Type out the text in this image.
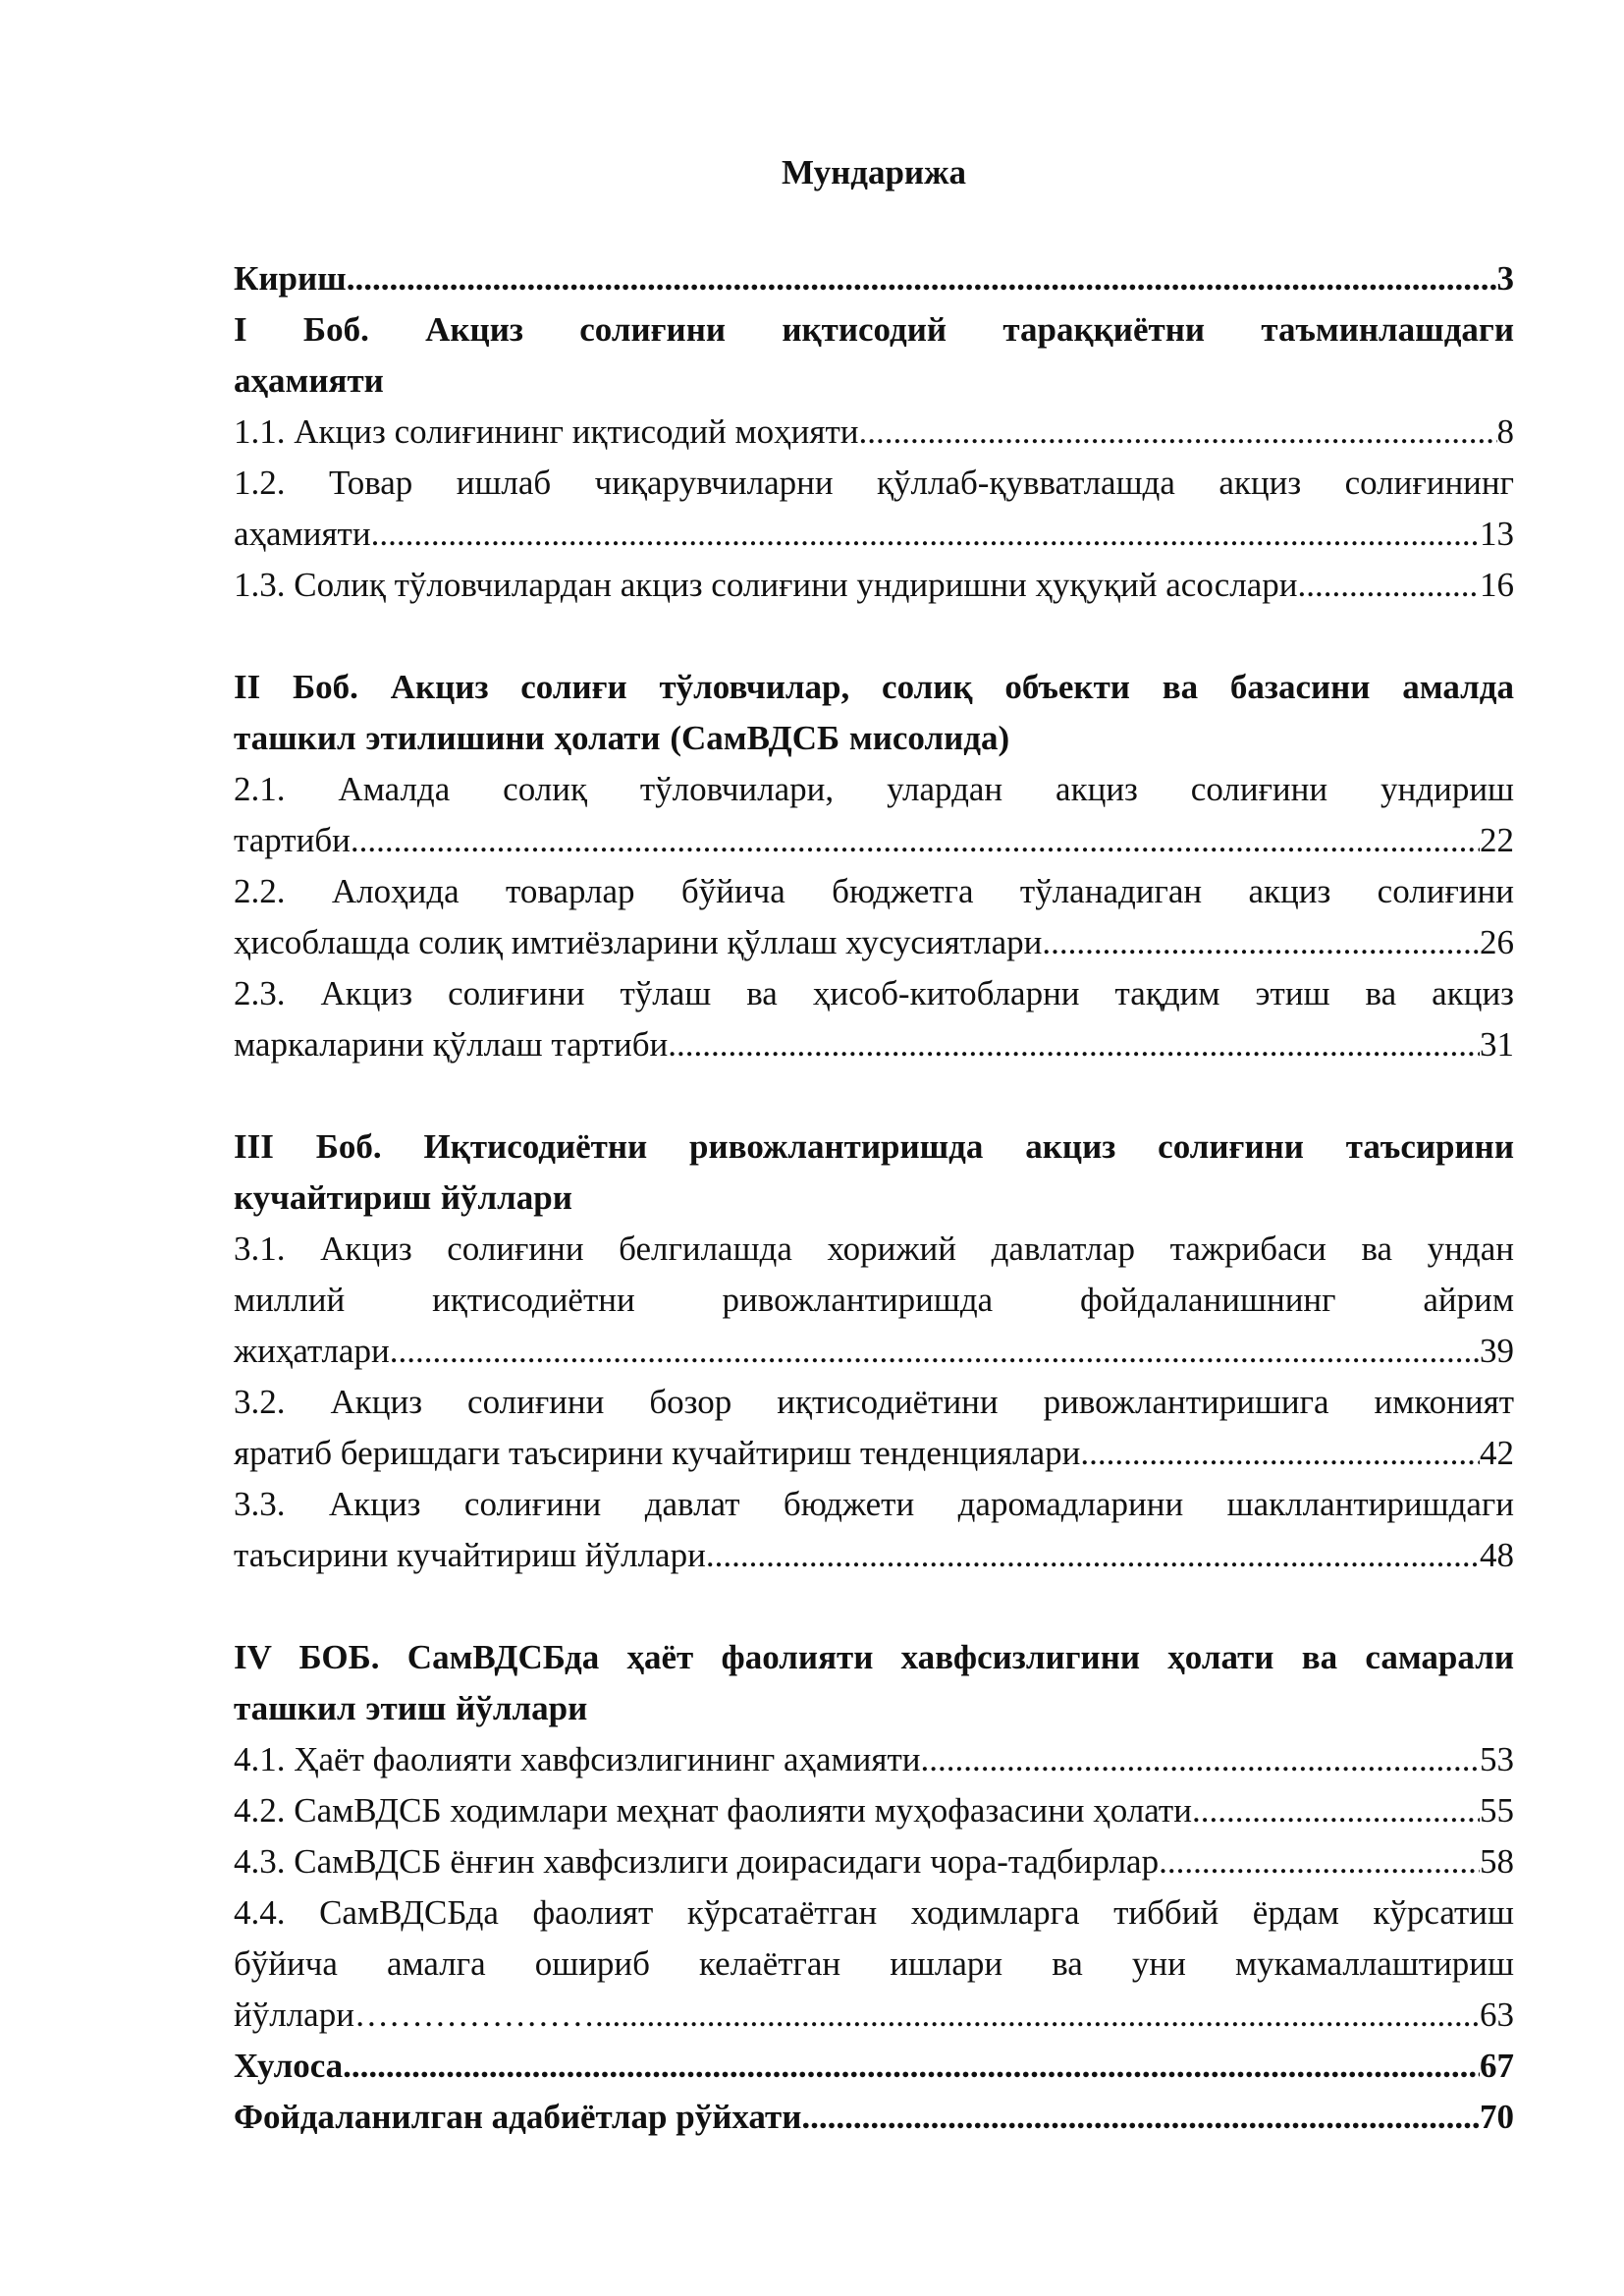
Мундарижа
Кириш .....	3

I Боб. Акциз солиғини иқтисодий тараққиётни таъминлашдаги

аҳамияти

1.1. Акциз солиғининг иқтисодий моҳияти .....	8

1.2. Товар ишлаб чиқарувчиларни қўллаб-қувватлашда акциз солиғининг

аҳамияти .....	13
1.3. Солиқ тўловчилардан акциз солиғини ундиришни ҳуқуқий асослари .....	16

II Боб. Акциз солиғи тўловчилар, солиқ объекти ва базасини амалда

ташкил этилишини ҳолати (СамВДСБ мисолида)

2.1. Амалда солиқ тўловчилари, улардан акциз солиғини ундириш

тартиби .....	22

2.2. Алоҳида товарлар бўйича бюджетга тўланадиган акциз солиғини

ҳисоблашда солиқ имтиёзларини қўллаш хусусиятлари .....	26

2.3. Акциз солиғини тўлаш ва ҳисоб-китобларни тақдим этиш ва акциз

маркаларини қўллаш тартиби .....	31

III Боб. Иқтисодиётни ривожлантиришда акциз солиғини таъсирини

кучайтириш йўллари

3.1. Акциз солиғини белгилашда хорижий давлатлар тажрибаси ва ундан

миллий иқтисодиётни ривожлантиришда фойдаланишнинг айрим

жиҳатлари .....	39

3.2. Акциз солиғини бозор иқтисодиётини ривожлантиришига имконият

яратиб беришдаги таъсирини кучайтириш тенденциялари .....	42

3.3. Акциз солиғини давлат бюджети даромадларини шакллантиришдаги

таъсирини кучайтириш йўллари .....	48

IV БОБ. СамВДСБда ҳаёт фаолияти хавфсизлигини ҳолати ва самарали

ташкил этиш йўллари

4.1. Ҳаёт фаолияти хавфсизлигининг аҳамияти .....	53
4.2. СамВДСБ ходимлари меҳнат фаолияти муҳофазасини ҳолати .....	55
4.3. СамВДСБ ёнғин хавфсизлиги доирасидаги чора-тадбирлар .....	58

4.4. СамВДСБда фаолият кўрсатаётган ходимларга тиббий ёрдам кўрсатиш

бўйича амалга ошириб келаётган ишлари ва уни мукамаллаштириш

йўллари………………… .....	63
Хулоса .....	67
Фойдаланилган адабиётлар рўйхати .....	70
